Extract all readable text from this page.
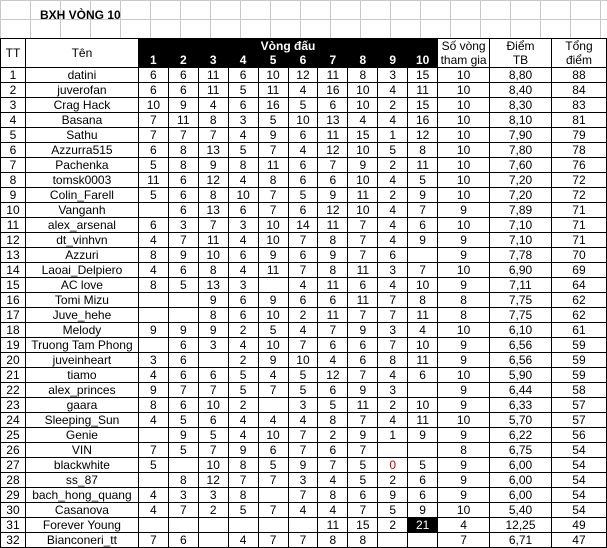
BXH VÒNG 10
TT	Tên	Vòng đấu										Số vòng	Điểm	Tổng
		1	2	3	4	5	6	7	8	9	10	tham gia	TB	điểm
1	datini	6	6	11	6	10	12	11	8	3	15	10	8,80	88
2	juverofan	6	6	11	5	11	4	16	10	4	11	10	8,40	84
3	Crag Hack	10	9	4	6	16	5	6	10	2	15	10	8,30	83
4	Basana	7	11	8	3	5	10	13	4	4	16	10	8,10	81
5	Sathu	7	7	7	4	9	6	11	15	1	12	10	7,90	79
6	Azzurra515	6	8	13	5	7	4	12	10	5	8	10	7,80	78
7	Pachenka	5	8	9	8	11	6	7	9	2	11	10	7,60	76
8	tomsk0003	11	6	12	4	8	6	6	10	4	5	10	7,20	72
9	Colin_Farell	5	6	8	10	7	5	9	11	2	9	10	7,20	72
10	Vanganh		6	13	6	7	6	12	10	4	7	9	7,89	71
11	alex_arsenal	6	3	7	3	10	14	11	7	4	6	10	7,10	71
12	dt_vinhvn	4	7	11	4	10	7	8	7	4	9	9	7,10	71
13	Azzuri	8	9	10	6	9	6	9	7	6		9	7,78	70
14	Laoai_Delpiero	4	6	8	4	11	7	8	11	3	7	10	6,90	69
15	AC love	8	5	13	3		4	11	6	4	10	9	7,11	64
16	Tomi Mizu			9	6	9	6	6	11	7	8	8	7,75	62
17	Juve_hehe			8	6	10	2	11	7	7	11	8	7,75	62
18	Melody	9	9	9	2	5	4	7	9	3	4	10	6,10	61
19	Truong Tam Phong		6	3	4	10	7	6	6	7	10	9	6,56	59
20	juveinheart	3	6		2	9	10	4	6	8	11	9	6,56	59
21	tiamo	4	6	6	5	4	5	12	7	4	6	10	5,90	59
22	alex_princes	9	7	7	5	7	5	6	9	3		9	6,44	58
23	gaara	8	6	10	2		3	5	11	2	10	9	6,33	57
24	Sleeping_Sun	4	5	6	4	4	4	8	7	4	11	10	5,70	57
25	Genie		9	5	4	10	7	2	9	1	9	9	6,22	56
26	VIN	7	5	7	9	6	7	6	7			8	6,75	54
27	blackwhite	5		10	8	5	9	7	5	0	5	9	6,00	54
28	ss_87		8	12	7	7	3	4	5	2	6	9	6,00	54
29	bach_hong_quang	4	3	3	8		7	8	6	9	6	9	6,00	54
30	Casanova	4	7	2	5	7	4	4	7	5	9	10	5,40	54
31	Forever Young							11	15	2	21	4	12,25	49
32	Bianconeri_tt	7	6		4	7	7	8	8			7	6,71	47
